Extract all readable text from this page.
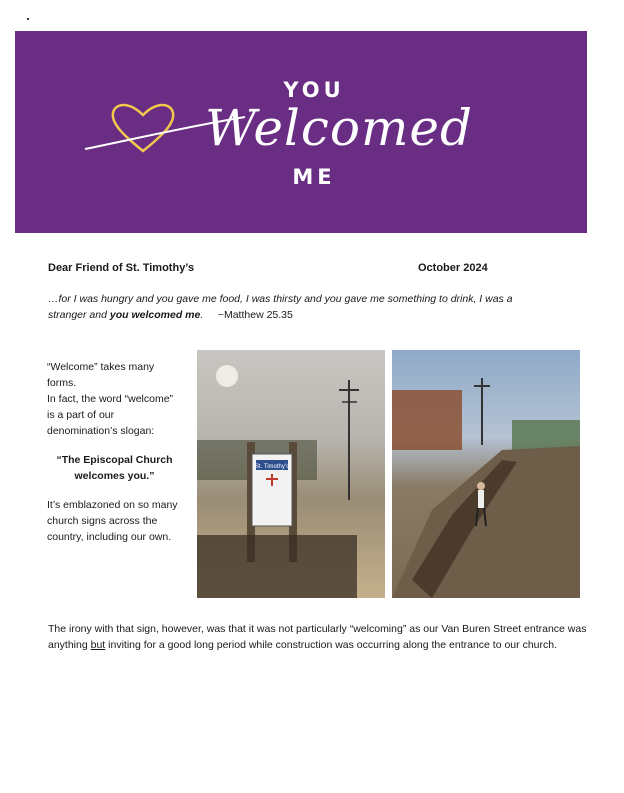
YOU
Welcomed
ME
Dear Friend of St. Timothy’s	October 2024
…for I was hungry and you gave me food, I was thirsty and you gave me something to drink, I was a stranger and you welcomed me. ~Matthew 25.35

“Welcome” takes many forms.

In fact, the word “welcome” is a part of our denomination’s slogan:

“The Episcopal Church welcomes you.”

It’s emblazoned on so many church signs across the country, including our own.

St. Timothy’s
The irony with that sign, however, was that it was not particularly “welcoming” as our Van Buren Street entrance was anything but inviting for a good long period while construction was occurring along the entrance to our church.
